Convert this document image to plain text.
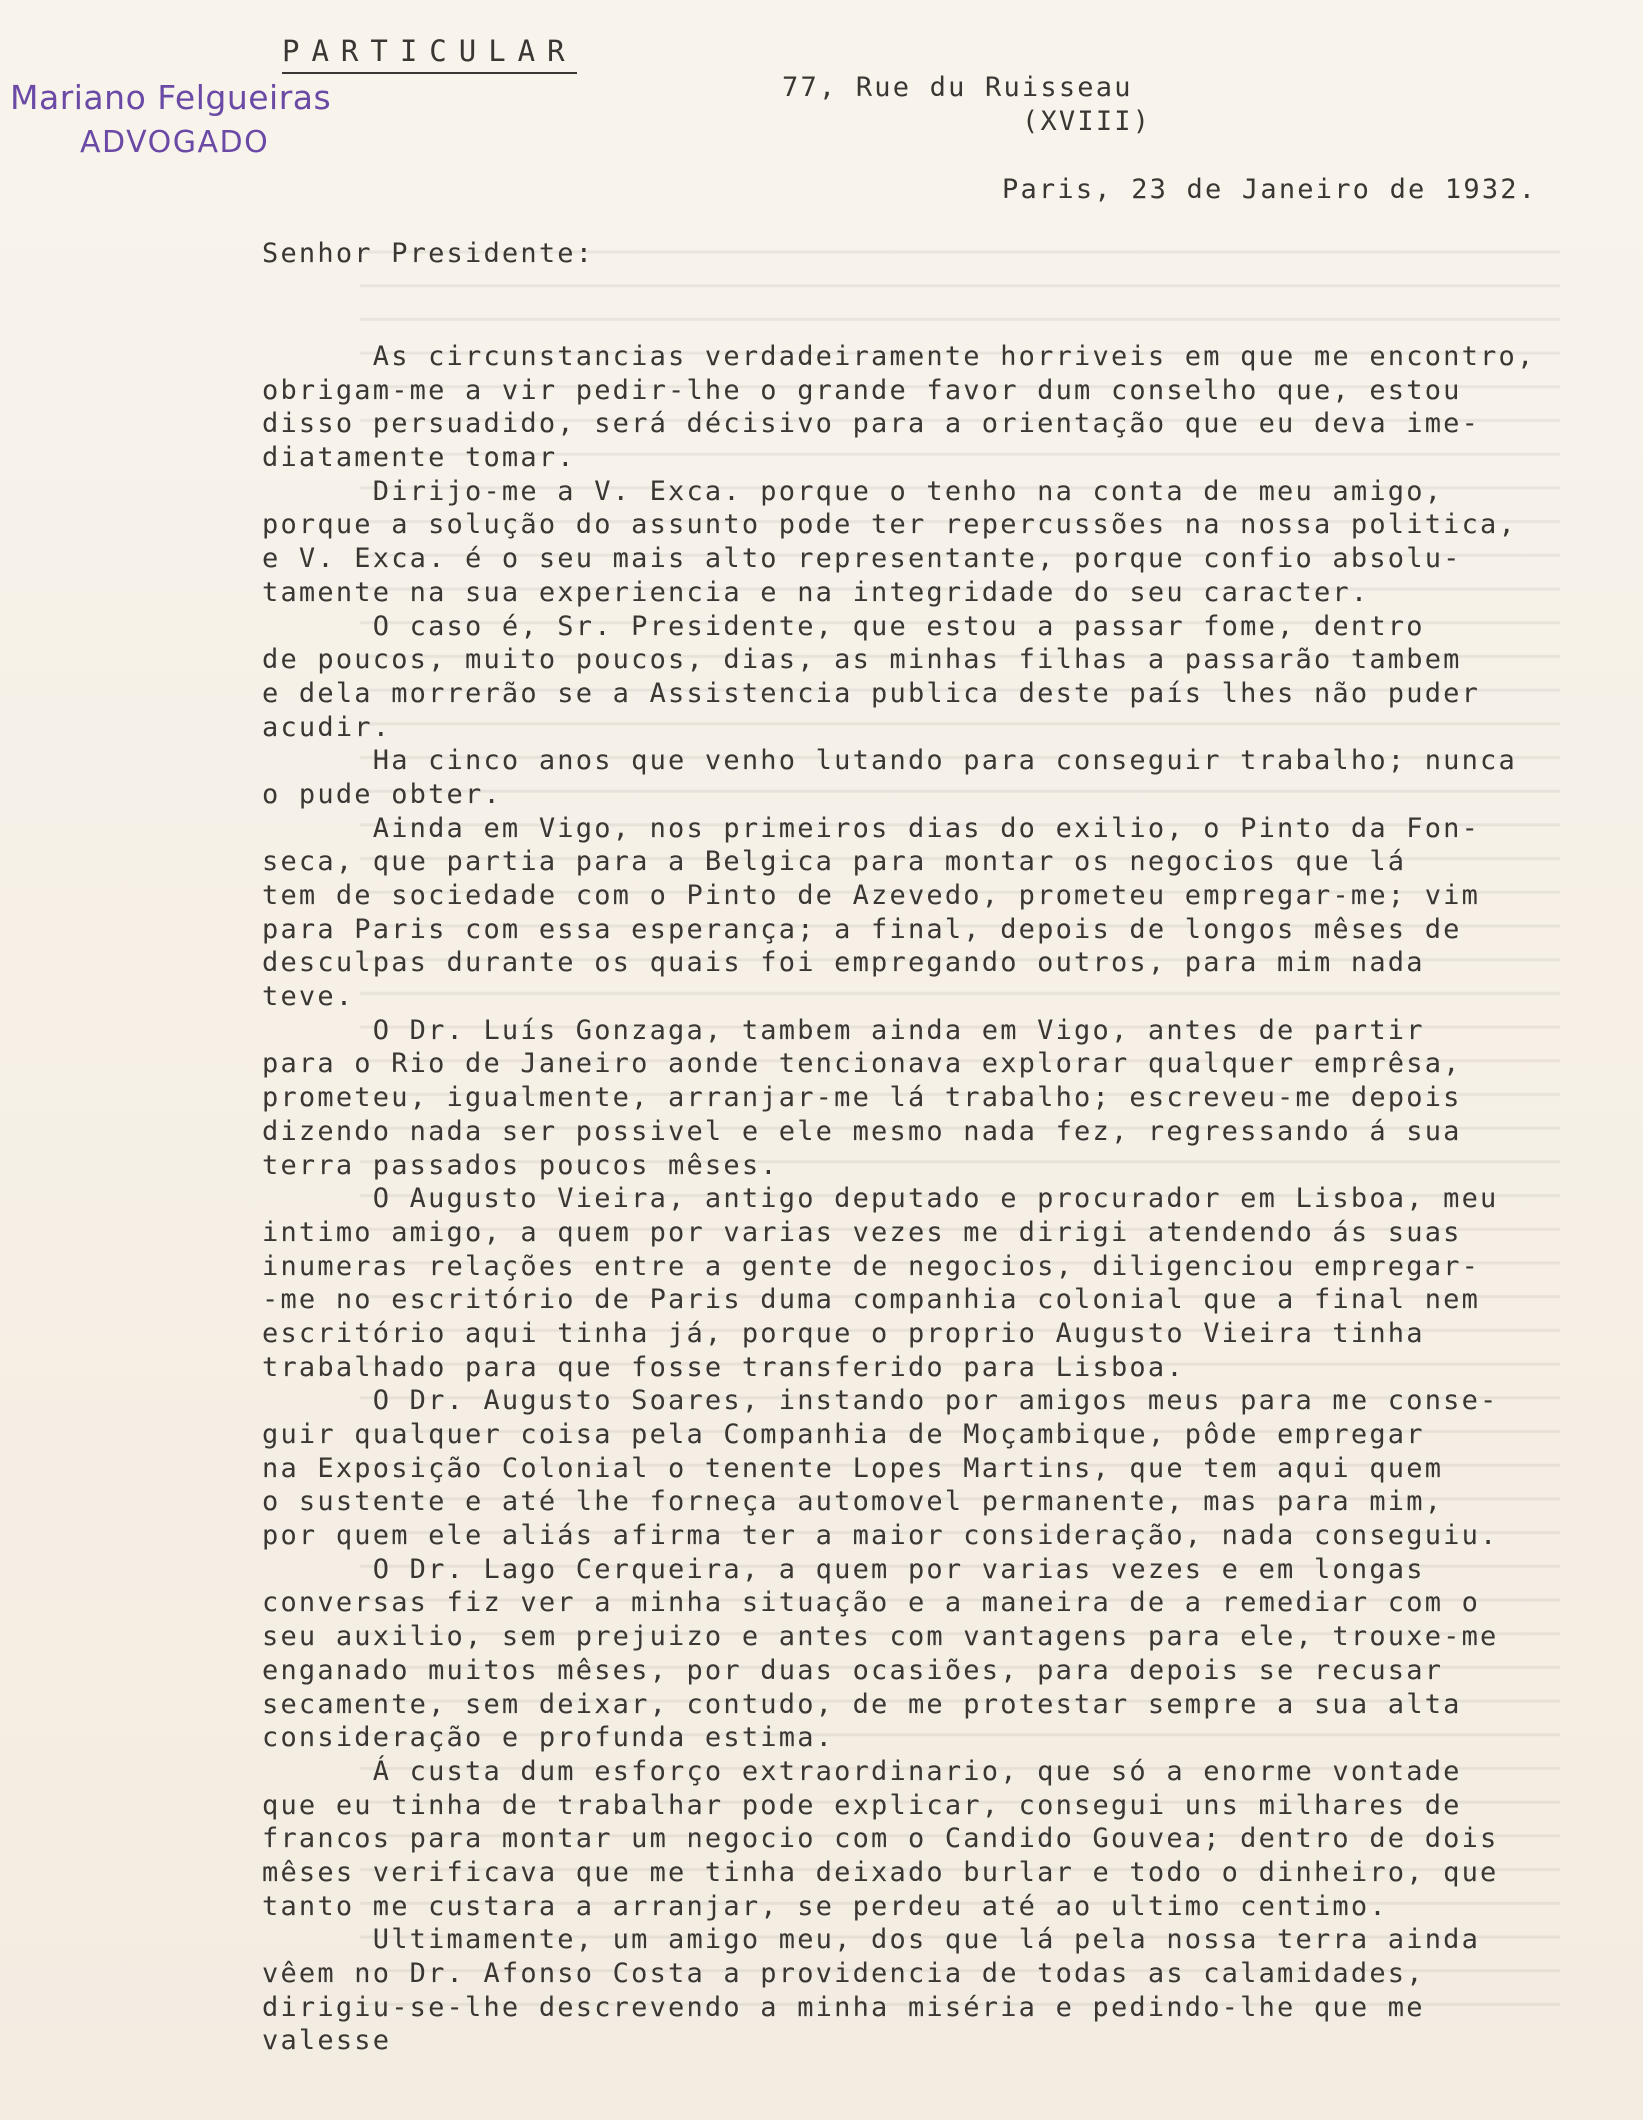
PARTICULAR
Mariano Felgueiras
ADVOGADO
77, Rue du Ruisseau
(XVIII)
Paris, 23 de Janeiro de 1932.
Senhor Presidente:
As circunstancias verdadeiramente horriveis em que me encontro,
obrigam-me a vir pedir-lhe o grande favor dum conselho que, estou
disso persuadido, será décisivo para a orientação que eu deva ime-
diatamente tomar.
Dirijo-me a V. Exca. porque o tenho na conta de meu amigo,
porque a solução do assunto pode ter repercussões na nossa politica,
e V. Exca. é o seu mais alto representante, porque confio absolu-
tamente na sua experiencia e na integridade do seu caracter.
O caso é, Sr. Presidente, que estou a passar fome, dentro
de poucos, muito poucos, dias, as minhas filhas a passarão tambem
e dela morrerão se a Assistencia publica deste país lhes não puder
acudir.
Ha cinco anos que venho lutando para conseguir trabalho; nunca
o pude obter.
Ainda em Vigo, nos primeiros dias do exilio, o Pinto da Fon-
seca, que partia para a Belgica para montar os negocios que lá
tem de sociedade com o Pinto de Azevedo, prometeu empregar-me; vim
para Paris com essa esperança; a final, depois de longos mêses de
desculpas durante os quais foi empregando outros, para mim nada
teve.
O Dr. Luís Gonzaga, tambem ainda em Vigo, antes de partir
para o Rio de Janeiro aonde tencionava explorar qualquer emprêsa,
prometeu, igualmente, arranjar-me lá trabalho; escreveu-me depois
dizendo nada ser possivel e ele mesmo nada fez, regressando á sua
terra passados poucos mêses.
O Augusto Vieira, antigo deputado e procurador em Lisboa, meu
intimo amigo, a quem por varias vezes me dirigi atendendo ás suas
inumeras relações entre a gente de negocios, diligenciou empregar-
-me no escritório de Paris duma companhia colonial que a final nem
escritório aqui tinha já, porque o proprio Augusto Vieira tinha
trabalhado para que fosse transferido para Lisboa.
O Dr. Augusto Soares, instando por amigos meus para me conse-
guir qualquer coisa pela Companhia de Moçambique, pôde empregar
na Exposição Colonial o tenente Lopes Martins, que tem aqui quem
o sustente e até lhe forneça automovel permanente, mas para mim,
por quem ele aliás afirma ter a maior consideração, nada conseguiu.
O Dr. Lago Cerqueira, a quem por varias vezes e em longas
conversas fiz ver a minha situação e a maneira de a remediar com o
seu auxilio, sem prejuizo e antes com vantagens para ele, trouxe-me
enganado muitos mêses, por duas ocasiões, para depois se recusar
secamente, sem deixar, contudo, de me protestar sempre a sua alta
consideração e profunda estima.
Á custa dum esforço extraordinario, que só a enorme vontade
que eu tinha de trabalhar pode explicar, consegui uns milhares de
francos para montar um negocio com o Candido Gouvea; dentro de dois
mêses verificava que me tinha deixado burlar e todo o dinheiro, que
tanto me custara a arranjar, se perdeu até ao ultimo centimo.
Ultimamente, um amigo meu, dos que lá pela nossa terra ainda
vêem no Dr. Afonso Costa a providencia de todas as calamidades,
dirigiu-se-lhe descrevendo a minha miséria e pedindo-lhe que me
valesse
